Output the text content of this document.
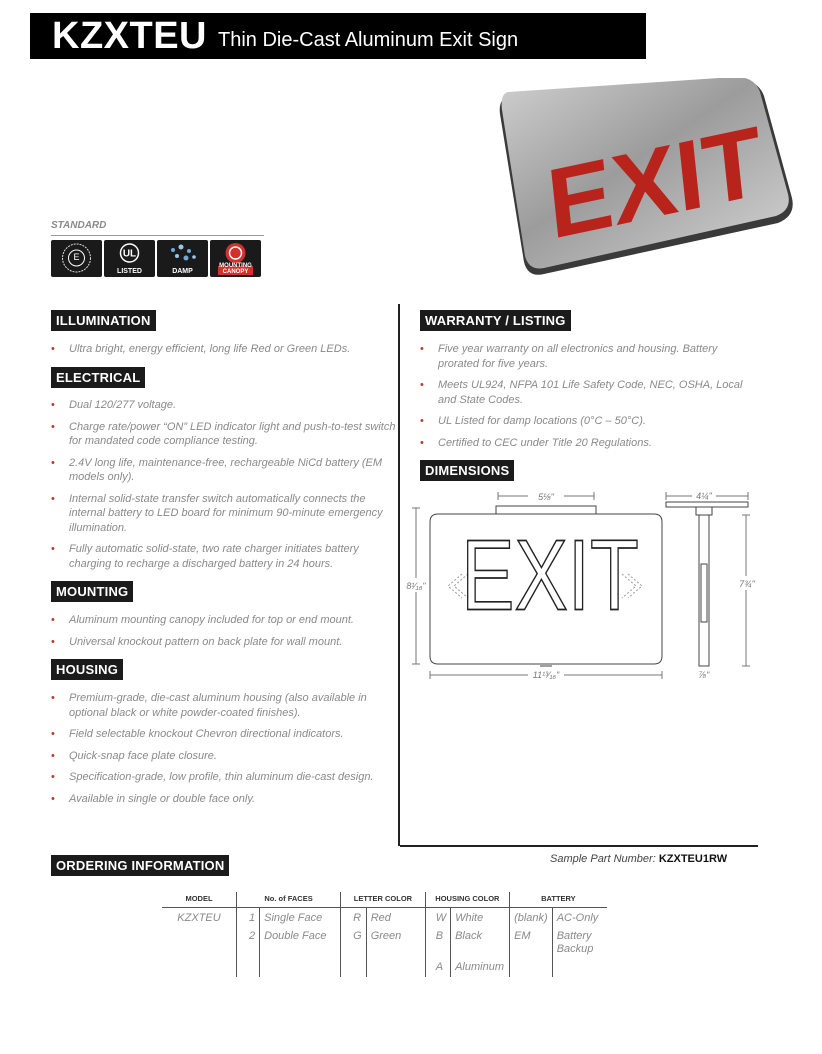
KZXTEU Thin Die-Cast Aluminum Exit Sign
EXIT
STANDARD
E	UL
LISTED	DAMP
MOUNTING CANOPY
ILLUMINATION
• Ultra bright, energy efficient, long life Red or Green LEDs.
ELECTRICAL
• Dual 120/277 voltage.
• Charge rate/power “ON” LED indicator light and push-to-test switch for mandated code compliance testing.
• 2.4V long life, maintenance-free, rechargeable NiCd battery (EM models only).
• Internal solid-state transfer switch automatically connects the internal battery to LED board for minimum 90-minute emergency illumination.
• Fully automatic solid-state, two rate charger initiates battery charging to recharge a discharged battery in 24 hours.
MOUNTING
• Aluminum mounting canopy included for top or end mount.
• Universal knockout pattern on back plate for wall mount.
HOUSING
• Premium-grade, die-cast aluminum housing (also available in optional black or white powder-coated finishes).
• Field selectable knockout Chevron directional indicators.
• Quick-snap face plate closure.
• Specification-grade, low profile, thin aluminum die-cast design.
• Available in single or double face only.
WARRANTY / LISTING
• Five year warranty on all electronics and housing. Battery prorated for five years.
• Meets UL924, NFPA 101 Life Safety Code, NEC, OSHA, Local and State Codes.
• UL Listed for damp locations (0°C – 50°C).
• Certified to CEC under Title 20 Regulations.
DIMENSIONS
EXIT
5⅛"
8¹⁄₁₆"
11¹³⁄₁₆"
4¼"
7¾"
⅞"
ORDERING INFORMATION	Sample Part Number: KZXTEU1RW
MODEL	No. of FACES		LETTER COLOR		HOUSING COLOR		BATTERY	
KZXTEU	1	Single Face	R	Red	W	White	(blank)	AC-Only
	2	Double Face	G	Green	B	Black	EM	Battery Backup
					A	Aluminum		
